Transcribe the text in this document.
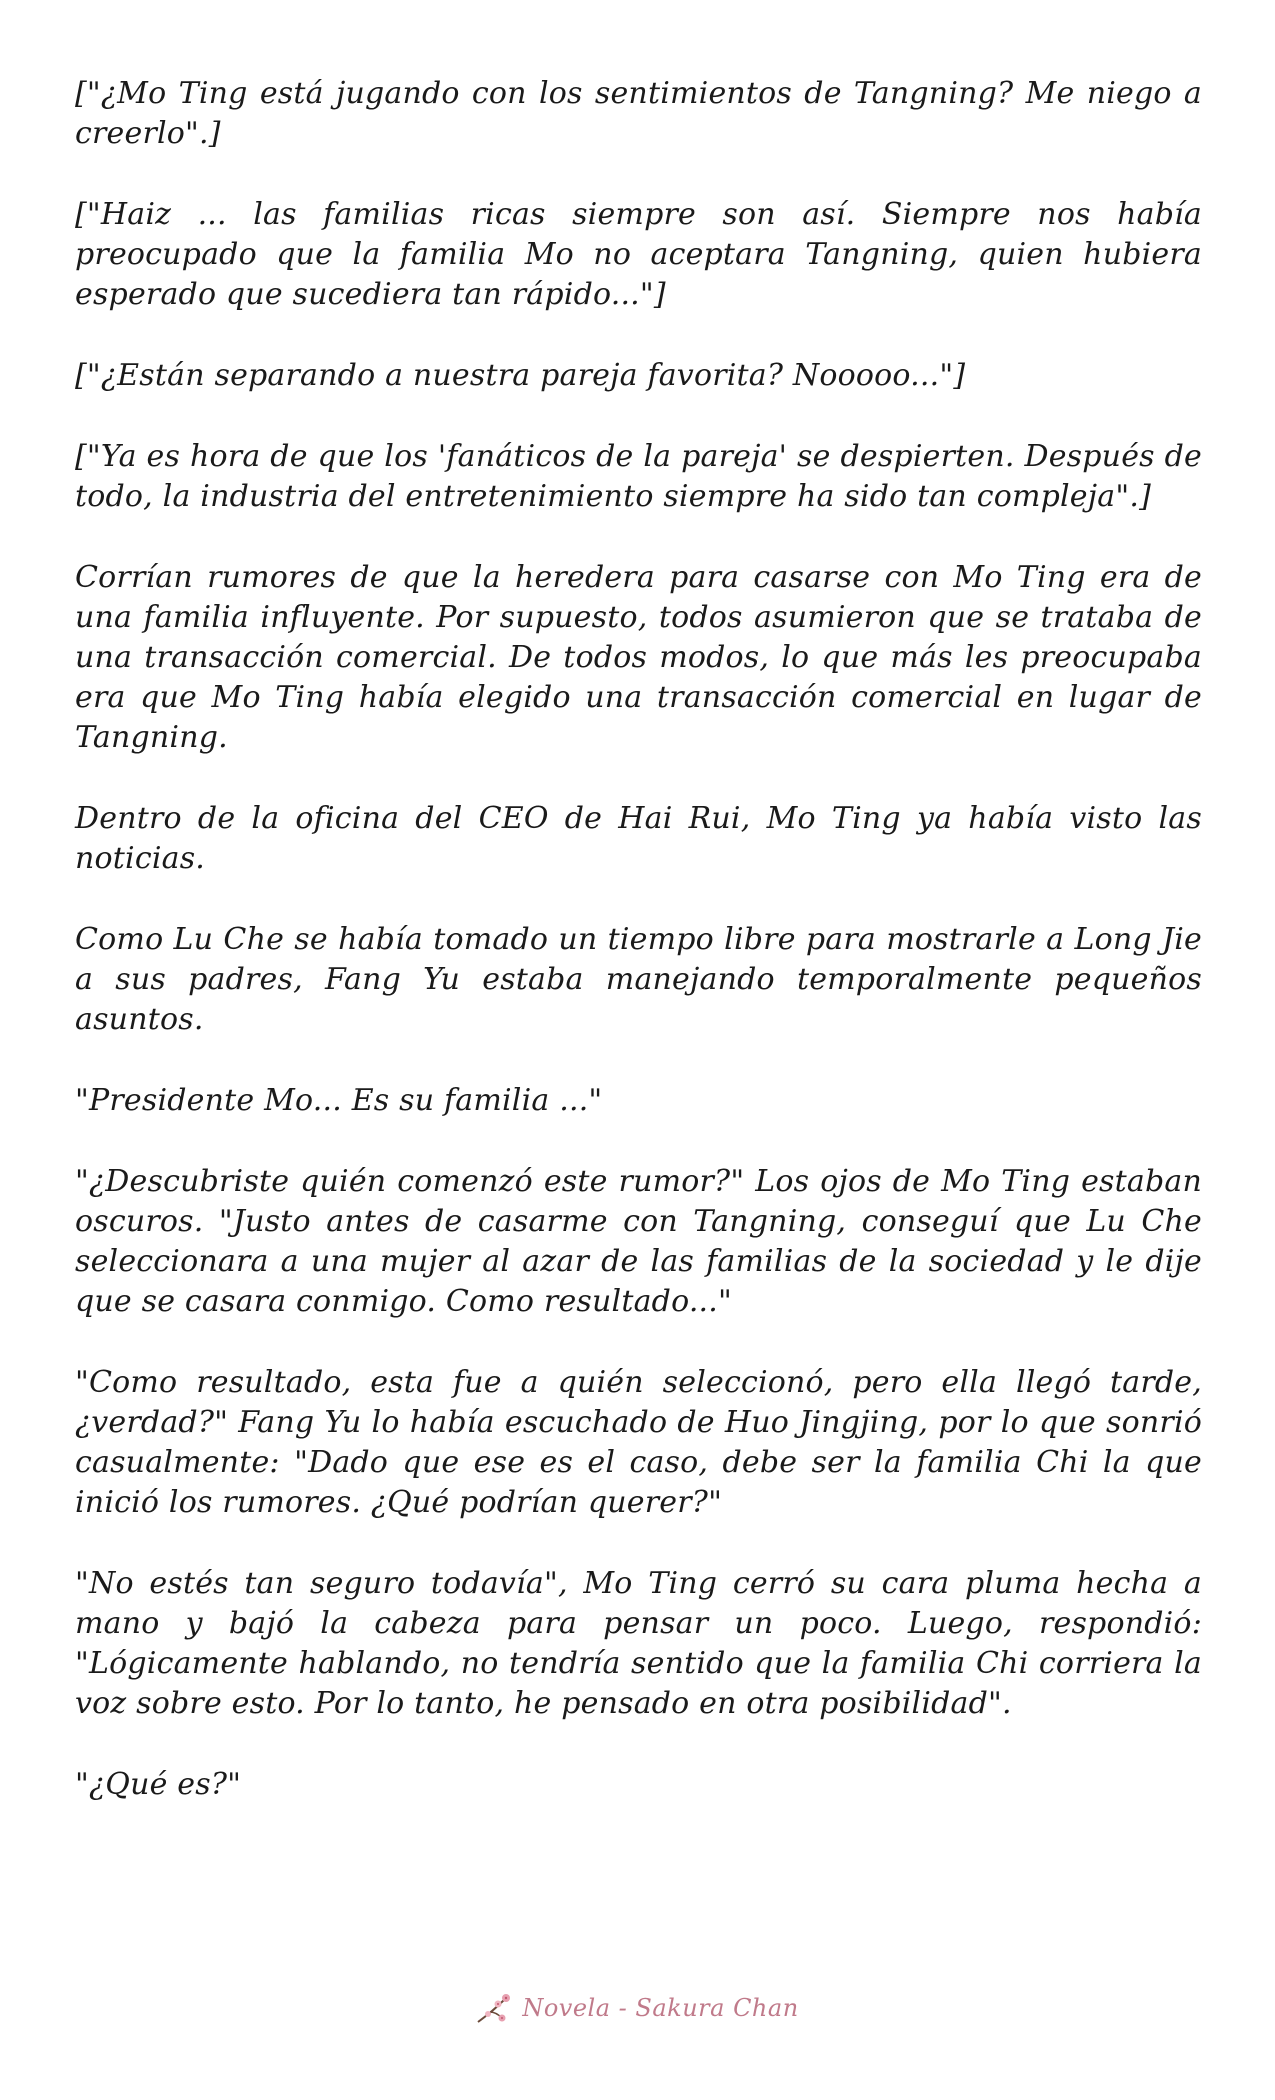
["¿Mo Ting está jugando con los sentimientos de Tangning? Me niego a creerlo".]

["Haiz ... las familias ricas siempre son así. Siempre nos había preocupado que la familia Mo no aceptara Tangning, quien hubiera esperado que sucediera tan rápido..."]

["¿Están separando a nuestra pareja favorita? Nooooo..."]

["Ya es hora de que los 'fanáticos de la pareja' se despierten. Después de todo, la industria del entretenimiento siempre ha sido tan compleja".]

Corrían rumores de que la heredera para casarse con Mo Ting era de una familia influyente. Por supuesto, todos asumieron que se trataba de una transacción comercial. De todos modos, lo que más les preocupaba era que Mo Ting había elegido una transacción comercial en lugar de Tangning.

Dentro de la oficina del CEO de Hai Rui, Mo Ting ya había visto las noticias.

Como Lu Che se había tomado un tiempo libre para mostrarle a Long Jie a sus padres, Fang Yu estaba manejando temporalmente pequeños asuntos.

"Presidente Mo... Es su familia ..."

"¿Descubriste quién comenzó este rumor?" Los ojos de Mo Ting estaban oscuros. "Justo antes de casarme con Tangning, conseguí que Lu Che seleccionara a una mujer al azar de las familias de la sociedad y le dije que se casara conmigo. Como resultado..."

"Como resultado, esta fue a quién seleccionó, pero ella llegó tarde, ¿verdad?" Fang Yu lo había escuchado de Huo Jingjing, por lo que sonrió casualmente: "Dado que ese es el caso, debe ser la familia Chi la que inició los rumores. ¿Qué podrían querer?"

"No estés tan seguro todavía", Mo Ting cerró su cara pluma hecha a mano y bajó la cabeza para pensar un poco. Luego, respondió: "Lógicamente hablando, no tendría sentido que la familia Chi corriera la voz sobre esto. Por lo tanto, he pensado en otra posibilidad".

"¿Qué es?"

Novela - Sakura Chan
